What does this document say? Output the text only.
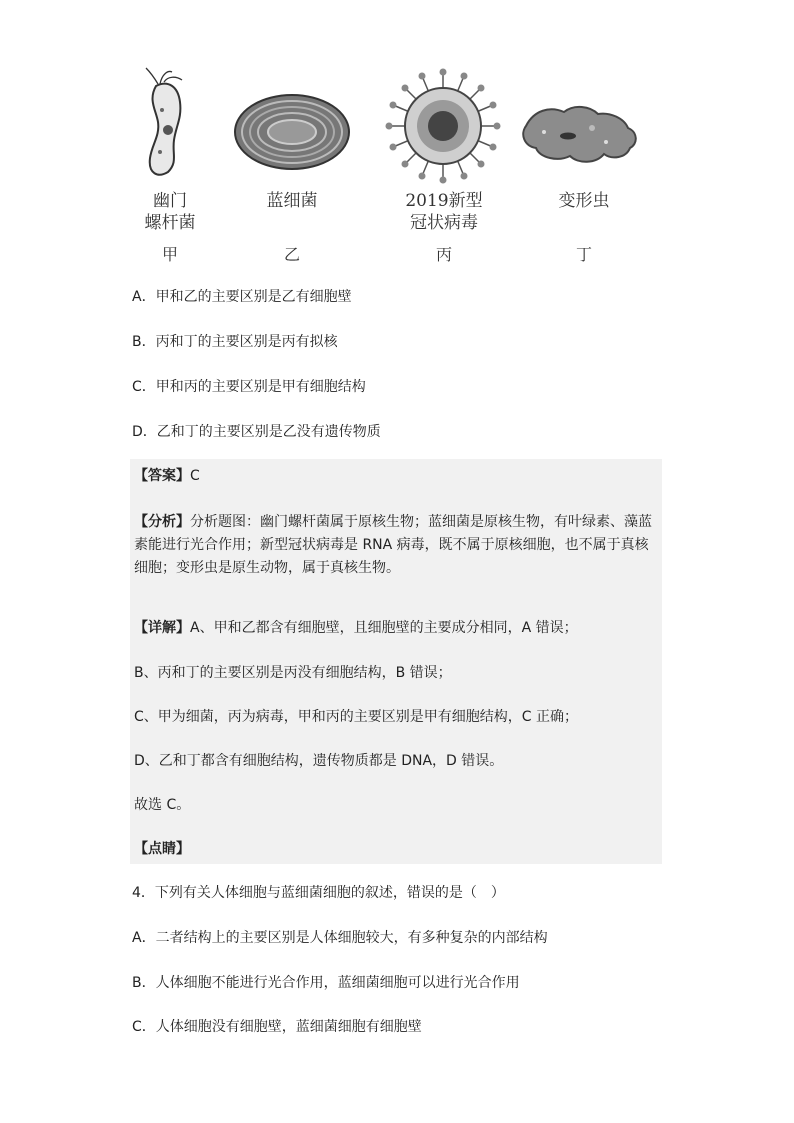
幽门
螺杆菌
甲
蓝细菌
乙
2019新型
冠状病毒
丙
变形虫
丁
A．甲和乙的主要区别是乙有细胞壁
B．丙和丁的主要区别是丙有拟核
C．甲和丙的主要区别是甲有细胞结构
D．乙和丁的主要区别是乙没有遗传物质
【答案】C
【分析】分析题图：幽门螺杆菌属于原核生物；蓝细菌是原核生物，有叶绿素、藻蓝素能进行光合作用；新型冠状病毒是 RNA 病毒，既不属于原核细胞，也不属于真核细胞；变形虫是原生动物，属于真核生物。
【详解】A、甲和乙都含有细胞壁，且细胞壁的主要成分相同，A 错误；
B、丙和丁的主要区别是丙没有细胞结构，B 错误；
C、甲为细菌，丙为病毒，甲和丙的主要区别是甲有细胞结构，C 正确；
D、乙和丁都含有细胞结构，遗传物质都是 DNA，D 错误。
故选 C。
【点睛】
4．下列有关人体细胞与蓝细菌细胞的叙述，错误的是（　）
A．二者结构上的主要区别是人体细胞较大，有多种复杂的内部结构
B．人体细胞不能进行光合作用，蓝细菌细胞可以进行光合作用
C．人体细胞没有细胞壁，蓝细菌细胞有细胞壁
